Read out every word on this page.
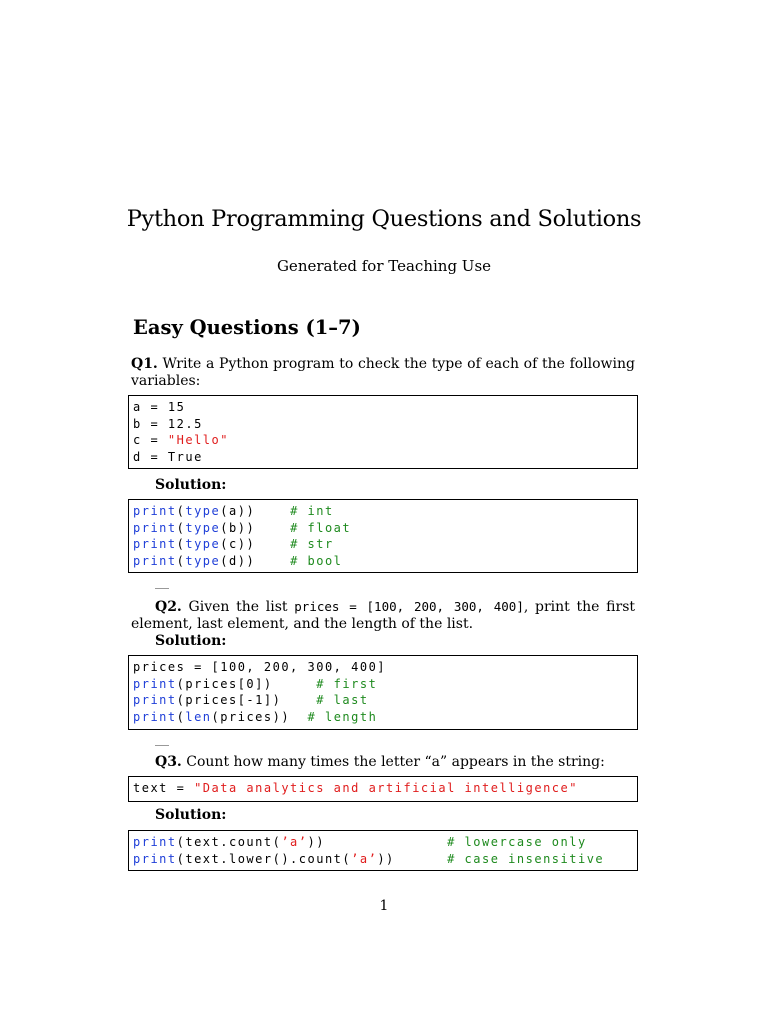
Python Programming Questions and Solutions
Generated for Teaching Use
Easy Questions (1–7)
Q1. Write a Python program to check the type of each of the following variables:
a = 15
b = 12.5
c = "Hello"
d = True
Solution:
print(type(a))    # int
print(type(b))    # float
print(type(c))    # str
print(type(d))    # bool
Q2. Given the list prices = [100, 200, 300, 400], print the first element, last element, and the length of the list.
Solution:
prices = [100, 200, 300, 400]
print(prices[0])     # first
print(prices[-1])    # last
print(len(prices))  # length
Q3. Count how many times the letter “a” appears in the string:
text = "Data analytics and artificial intelligence"
Solution:
print(text.count(’a’))              # lowercase only
print(text.lower().count(’a’))      # case insensitive
1
